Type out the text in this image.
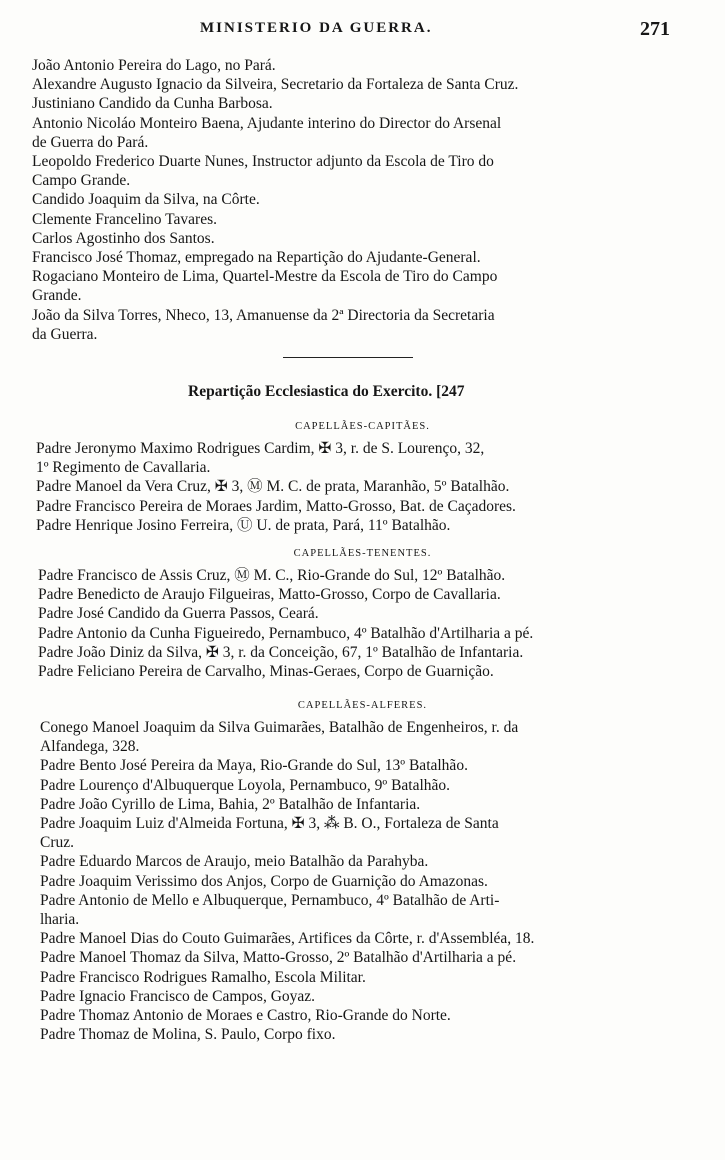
MINISTERIO DA GUERRA.	271
João Antonio Pereira do Lago, no Pará.
Alexandre Augusto Ignacio da Silveira, Secretario da Fortaleza de Santa Cruz.
Justiniano Candido da Cunha Barbosa.
Antonio Nicoláo Monteiro Baena, Ajudante interino do Director do Arsenal
de Guerra do Pará.
Leopoldo Frederico Duarte Nunes, Instructor adjunto da Escola de Tiro do
Campo Grande.
Candido Joaquim da Silva, na Côrte.
Clemente Francelino Tavares.
Carlos Agostinho dos Santos.
Francisco José Thomaz, empregado na Repartição do Ajudante-General.
Rogaciano Monteiro de Lima, Quartel-Mestre da Escola de Tiro do Campo
Grande.
João da Silva Torres, Nheco, 13, Amanuense da 2ª Directoria da Secretaria
da Guerra.
Repartição Ecclesiastica do Exercito. [247
CAPELLÃES-CAPITÃES.
Padre Jeronymo Maximo Rodrigues Cardim, ✠ 3, r. de S. Lourenço, 32,
1º Regimento de Cavallaria.
Padre Manoel da Vera Cruz, ✠ 3, Ⓜ M. C. de prata, Maranhão, 5º Batalhão.
Padre Francisco Pereira de Moraes Jardim, Matto-Grosso, Bat. de Caçadores.
Padre Henrique Josino Ferreira, Ⓤ U. de prata, Pará, 11º Batalhão.
CAPELLÃES-TENENTES.
Padre Francisco de Assis Cruz, Ⓜ M. C., Rio-Grande do Sul, 12º Batalhão.
Padre Benedicto de Araujo Filgueiras, Matto-Grosso, Corpo de Cavallaria.
Padre José Candido da Guerra Passos, Ceará.
Padre Antonio da Cunha Figueiredo, Pernambuco, 4º Batalhão d'Artilharia a pé.
Padre João Diniz da Silva, ✠ 3, r. da Conceição, 67, 1º Batalhão de Infantaria.
Padre Feliciano Pereira de Carvalho, Minas-Geraes, Corpo de Guarnição.
CAPELLÃES-ALFERES.
Conego Manoel Joaquim da Silva Guimarães, Batalhão de Engenheiros, r. da
Alfandega, 328.
Padre Bento José Pereira da Maya, Rio-Grande do Sul, 13º Batalhão.
Padre Lourenço d'Albuquerque Loyola, Pernambuco, 9º Batalhão.
Padre João Cyrillo de Lima, Bahia, 2º Batalhão de Infantaria.
Padre Joaquim Luiz d'Almeida Fortuna, ✠ 3, ⁂ B. O., Fortaleza de Santa
Cruz.
Padre Eduardo Marcos de Araujo, meio Batalhão da Parahyba.
Padre Joaquim Verissimo dos Anjos, Corpo de Guarnição do Amazonas.
Padre Antonio de Mello e Albuquerque, Pernambuco, 4º Batalhão de Arti-
lharia.
Padre Manoel Dias do Couto Guimarães, Artifices da Côrte, r. d'Assembléa, 18.
Padre Manoel Thomaz da Silva, Matto-Grosso, 2º Batalhão d'Artilharia a pé.
Padre Francisco Rodrigues Ramalho, Escola Militar.
Padre Ignacio Francisco de Campos, Goyaz.
Padre Thomaz Antonio de Moraes e Castro, Rio-Grande do Norte.
Padre Thomaz de Molina, S. Paulo, Corpo fixo.
